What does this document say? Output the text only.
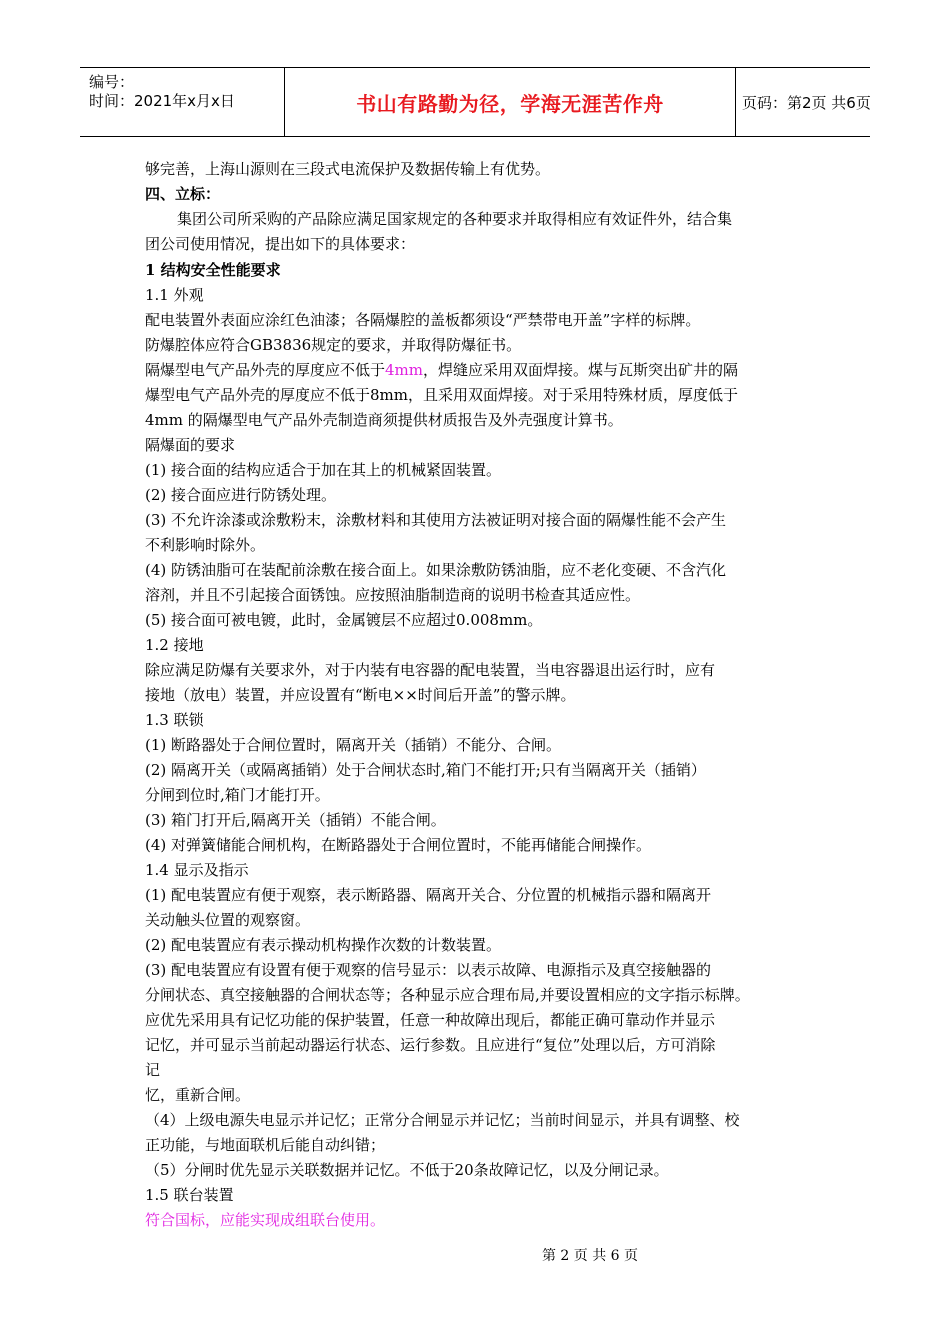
编号：
时间：2021年x月x日	书山有路勤为径，学海无涯苦作舟	页码：第2页 共6页
够完善，上海山源则在三段式电流保护及数据传输上有优势。
四、立标：
集团公司所采购的产品除应满足国家规定的各种要求并取得相应有效证件外，结合集
团公司使用情况，提出如下的具体要求：
1 结构安全性能要求
1.1 外观
配电装置外表面应涂红色油漆；各隔爆腔的盖板都须设“严禁带电开盖”字样的标牌。
防爆腔体应符合GB3836规定的要求，并取得防爆征书。
隔爆型电气产品外壳的厚度应不低于4mm，焊缝应采用双面焊接。煤与瓦斯突出矿井的隔
爆型电气产品外壳的厚度应不低于8mm，且采用双面焊接。对于采用特殊材质，厚度低于
4mm 的隔爆型电气产品外壳制造商须提供材质报告及外壳强度计算书。
隔爆面的要求
(1) 接合面的结构应适合于加在其上的机械紧固装置。
(2) 接合面应进行防锈处理。
(3) 不允许涂漆或涂敷粉末，涂敷材料和其使用方法被证明对接合面的隔爆性能不会产生
不利影响时除外。
(4) 防锈油脂可在装配前涂敷在接合面上。如果涂敷防锈油脂，应不老化变硬、不含汽化
溶剂，并且不引起接合面锈蚀。应按照油脂制造商的说明书检查其适应性。
(5) 接合面可被电镀，此时，金属镀层不应超过0.008mm。
1.2 接地
除应满足防爆有关要求外，对于内装有电容器的配电装置，当电容器退出运行时，应有
接地（放电）装置，并应设置有“断电××时间后开盖”的警示牌。
1.3 联锁
(1) 断路器处于合闸位置时，隔离开关（插销）不能分、合闸。
(2) 隔离开关（或隔离插销）处于合闸状态时,箱门不能打开;只有当隔离开关（插销）
分闸到位时,箱门才能打开。
(3) 箱门打开后,隔离开关（插销）不能合闸。
(4) 对弹簧储能合闸机构，在断路器处于合闸位置时，不能再储能合闸操作。
1.4 显示及指示
(1) 配电装置应有便于观察，表示断路器、隔离开关合、分位置的机械指示器和隔离开
关动触头位置的观察窗。
(2) 配电装置应有表示操动机构操作次数的计数装置。
(3) 配电装置应有设置有便于观察的信号显示：以表示故障、电源指示及真空接触器的
分闸状态、真空接触器的合闸状态等；各种显示应合理布局,并要设置相应的文字指示标牌。
应优先采用具有记忆功能的保护装置，任意一种故障出现后，都能正确可靠动作并显示
记忆，并可显示当前起动器运行状态、运行参数。且应进行“复位”处理以后，方可消除
记
忆，重新合闸。
（4）上级电源失电显示并记忆；正常分合闸显示并记忆；当前时间显示，并具有调整、校
正功能，与地面联机后能自动纠错；
（5）分闸时优先显示关联数据并记忆。不低于20条故障记忆，以及分闸记录。
1.5 联台装置
符合国标，应能实现成组联台使用。
第 2 页 共 6 页
